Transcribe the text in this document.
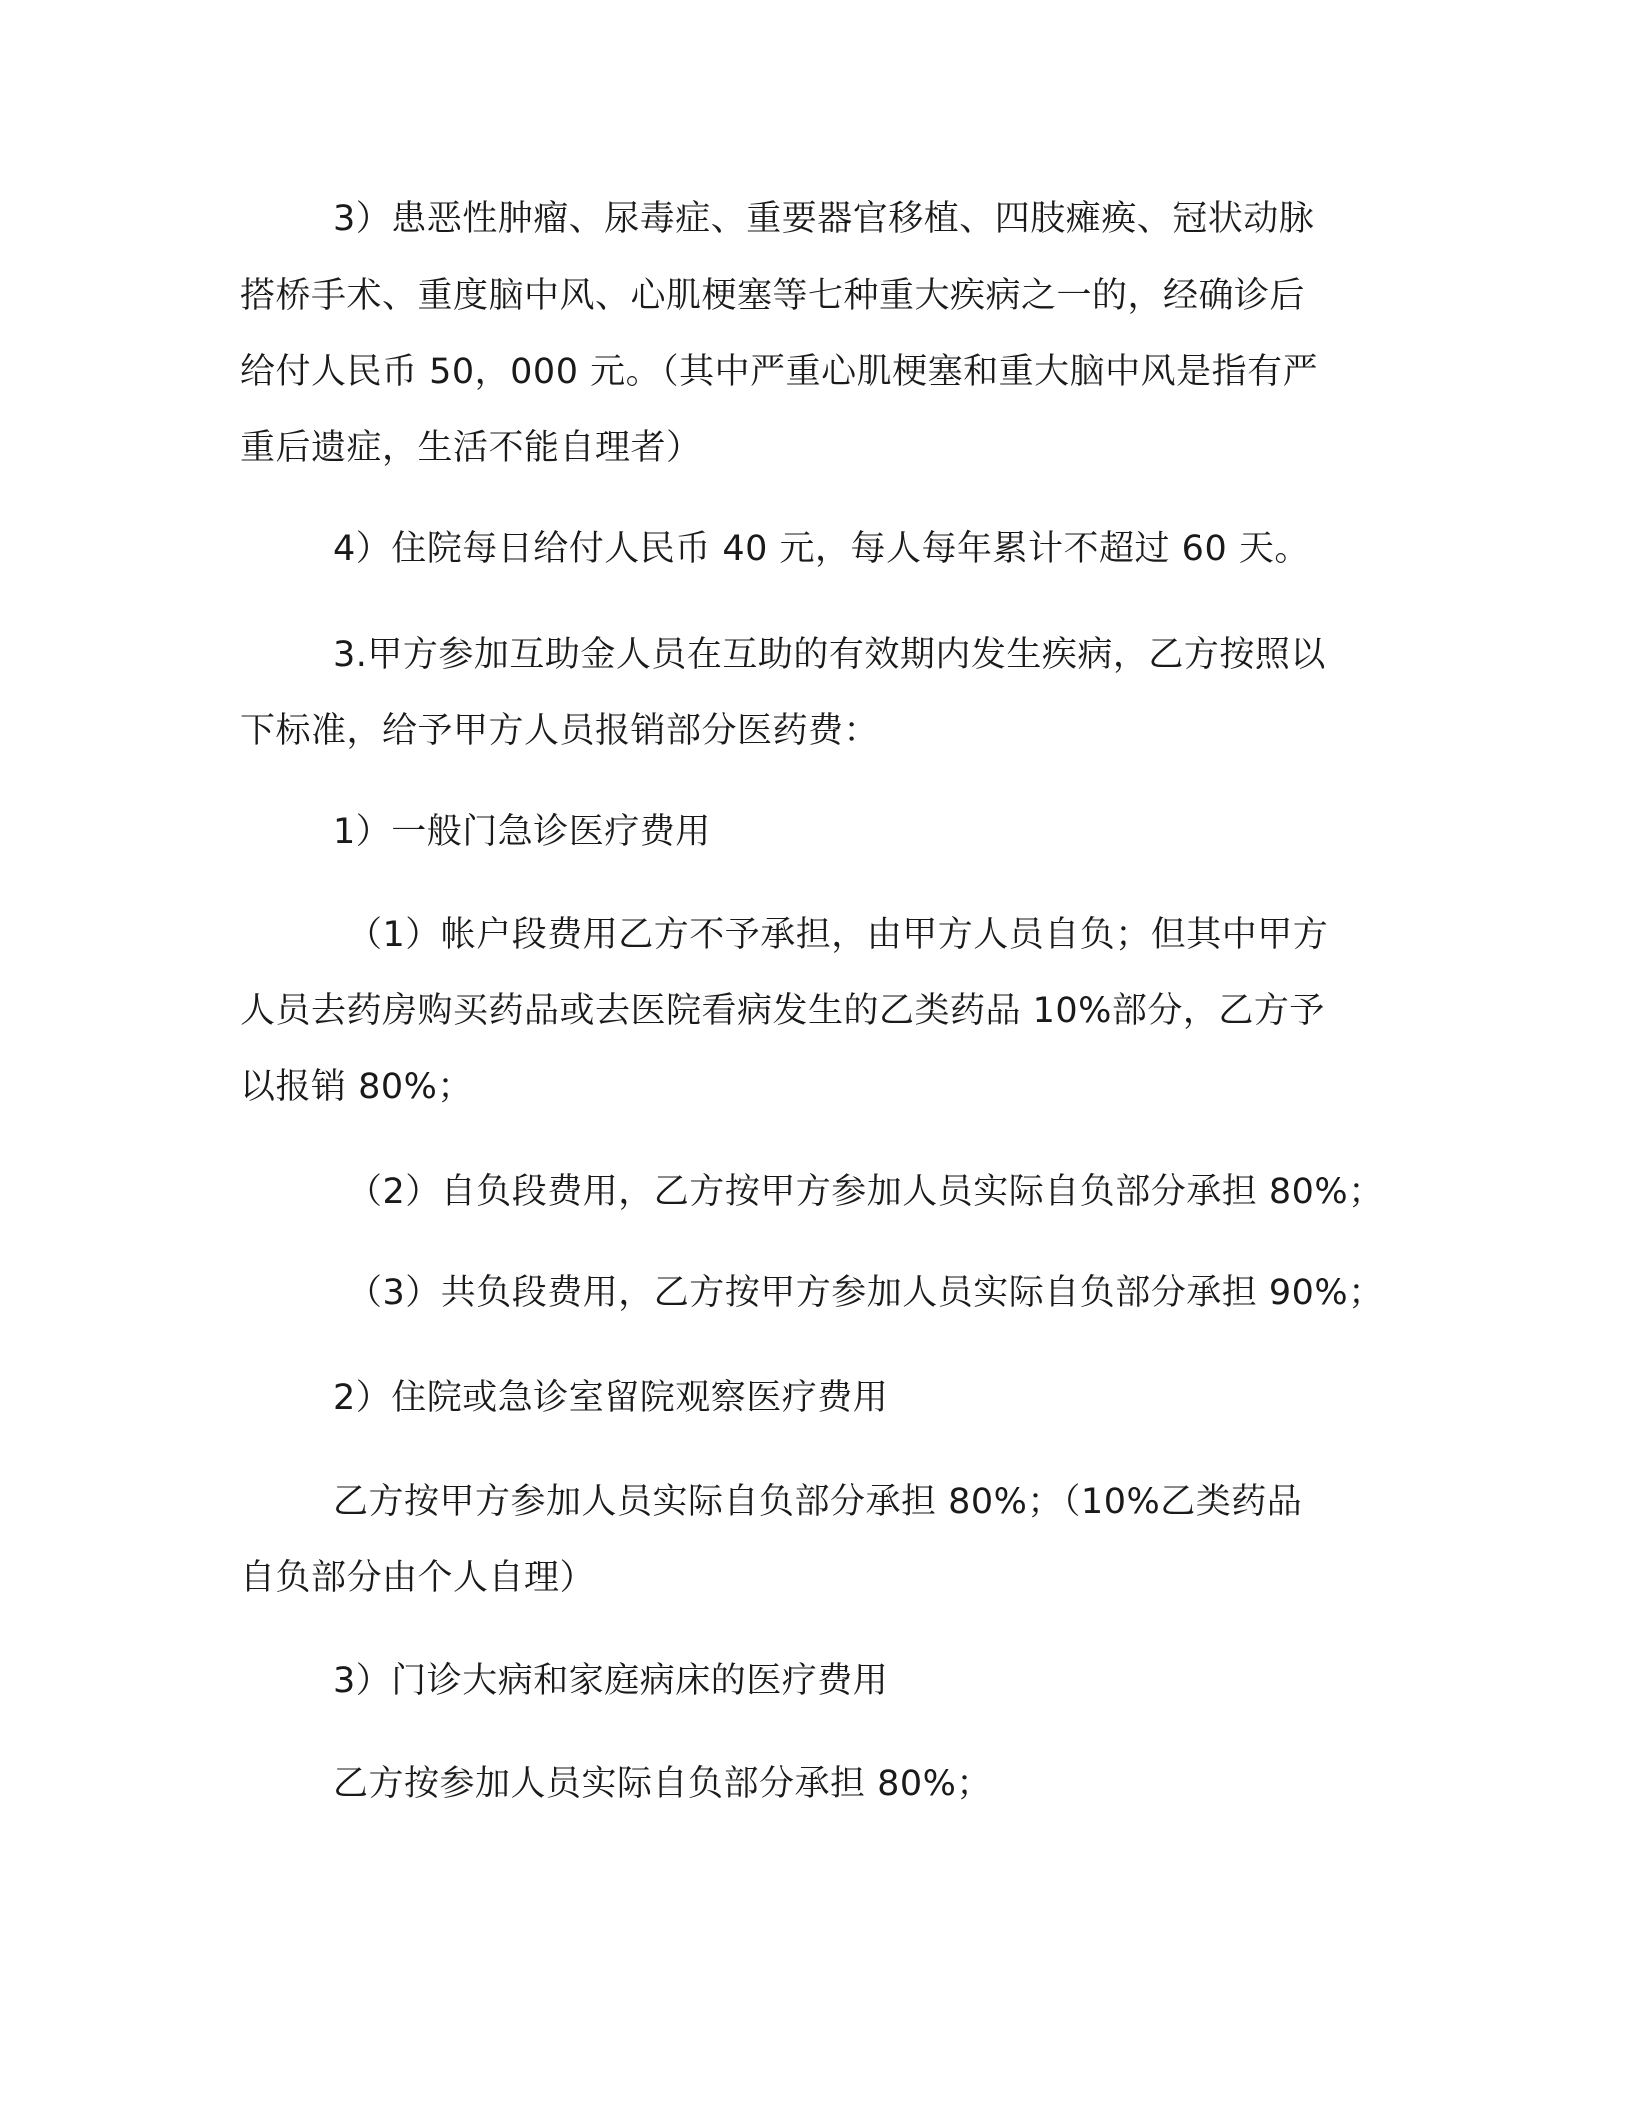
3）患恶性肿瘤、尿毒症、重要器官移植、四肢瘫痪、冠状动脉

搭桥手术、重度脑中风、心肌梗塞等七种重大疾病之一的，经确诊后

给付人民币 50，000 元。（其中严重心肌梗塞和重大脑中风是指有严

重后遗症，生活不能自理者）

4）住院每日给付人民币 40 元，每人每年累计不超过 60 天。

3.甲方参加互助金人员在互助的有效期内发生疾病，乙方按照以

下标准，给予甲方人员报销部分医药费：

1）一般门急诊医疗费用

（1）帐户段费用乙方不予承担，由甲方人员自负；但其中甲方

人员去药房购买药品或去医院看病发生的乙类药品 10%部分，乙方予

以报销 80%；

（2）自负段费用，乙方按甲方参加人员实际自负部分承担 80%；

（3）共负段费用，乙方按甲方参加人员实际自负部分承担 90%；

2）住院或急诊室留院观察医疗费用

乙方按甲方参加人员实际自负部分承担 80%；（10%乙类药品

自负部分由个人自理）

3）门诊大病和家庭病床的医疗费用

乙方按参加人员实际自负部分承担 80%；
